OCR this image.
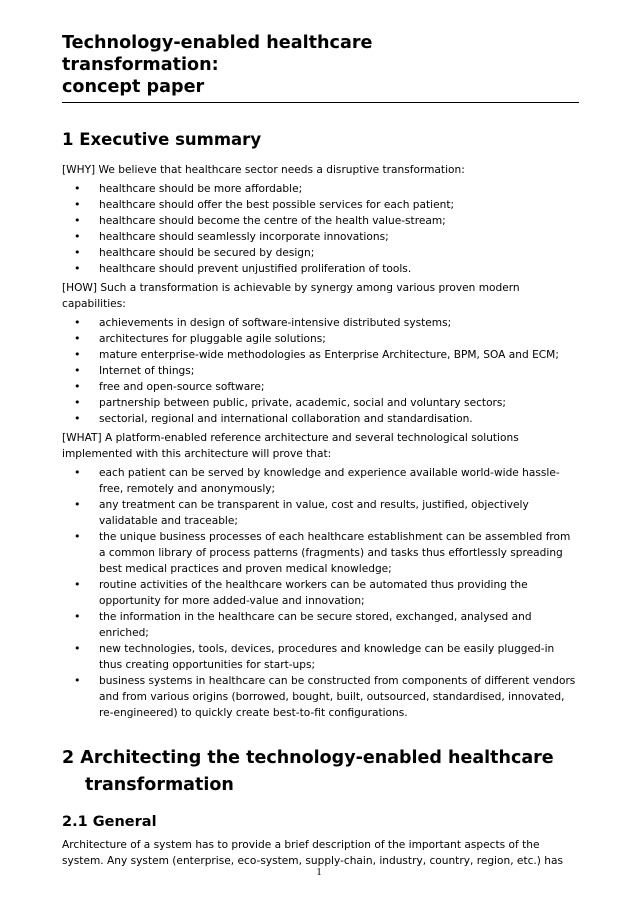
Technology-enabled healthcare
transformation:
concept paper
1 Executive summary

[WHY] We believe that healthcare sector needs a disruptive transformation:

• healthcare should be more affordable;
• healthcare should offer the best possible services for each patient;
• healthcare should become the centre of the health value-stream;
• healthcare should seamlessly incorporate innovations;
• healthcare should be secured by design;
• healthcare should prevent unjustified proliferation of tools.

[HOW] Such a transformation is achievable by synergy among various proven modern capabilities:

• achievements in design of software-intensive distributed systems;
• architectures for pluggable agile solutions;
• mature enterprise-wide methodologies as Enterprise Architecture, BPM, SOA and ECM;
• Internet of things;
• free and open-source software;
• partnership between public, private, academic, social and voluntary sectors;
• sectorial, regional and international collaboration and standardisation.

[WHAT] A platform-enabled reference architecture and several technological solutions implemented with this architecture will prove that:

• each patient can be served by knowledge and experience available world-wide hassle-free, remotely and anonymously;
• any treatment can be transparent in value, cost and results, justified, objectively validatable and traceable;
• the unique business processes of each healthcare establishment can be assembled from a common library of process patterns (fragments) and tasks thus effortlessly spreading best medical practices and proven medical knowledge;
• routine activities of the healthcare workers can be automated thus providing the opportunity for more added-value and innovation;
• the information in the healthcare can be secure stored, exchanged, analysed and enriched;
• new technologies, tools, devices, procedures and knowledge can be easily plugged-in thus creating opportunities for start-ups;
• business systems in healthcare can be constructed from components of different vendors and from various origins (borrowed, bought, built, outsourced, standardised, innovated, re-engineered) to quickly create best-to-fit configurations.
2 Architecting the technology-enabled healthcare
transformation
2.1 General

Architecture of a system has to provide a brief description of the important aspects of the system. Any system (enterprise, eco-system, supply-chain, industry, country, region, etc.) has

1
